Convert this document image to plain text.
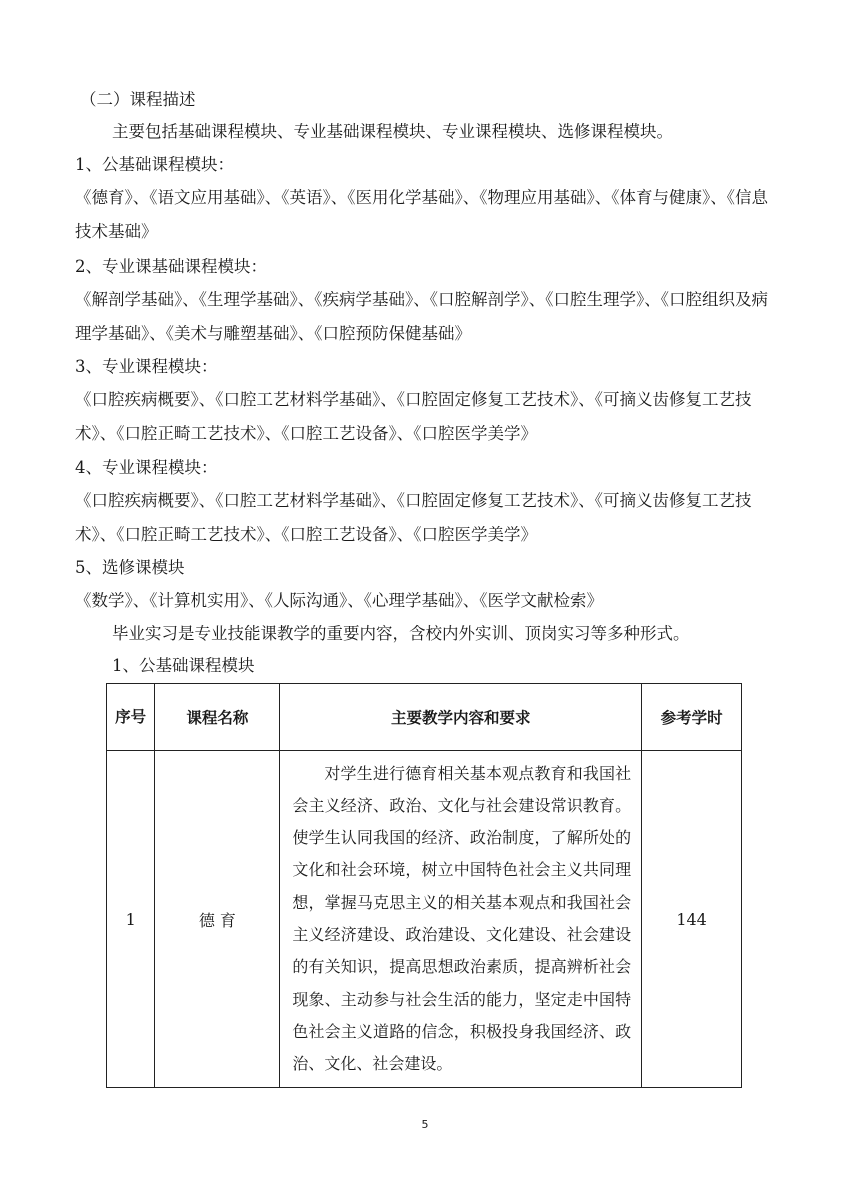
（二）课程描述
主要包括基础课程模块、专业基础课程模块、专业课程模块、选修课程模块。
1、公基础课程模块：
《德育》、《语文应用基础》、《英语》、《医用化学基础》、《物理应用基础》、《体育与健康》、《信息技术基础》
2、专业课基础课程模块：
《解剖学基础》、《生理学基础》、《疾病学基础》、《口腔解剖学》、《口腔生理学》、《口腔组织及病理学基础》、《美术与雕塑基础》、《口腔预防保健基础》
3、专业课程模块：
《口腔疾病概要》、《口腔工艺材料学基础》、《口腔固定修复工艺技术》、《可摘义齿修复工艺技术》、《口腔正畸工艺技术》、《口腔工艺设备》、《口腔医学美学》
4、专业课程模块：
《口腔疾病概要》、《口腔工艺材料学基础》、《口腔固定修复工艺技术》、《可摘义齿修复工艺技术》、《口腔正畸工艺技术》、《口腔工艺设备》、《口腔医学美学》
5、选修课模块
《数学》、《计算机实用》、《人际沟通》、《心理学基础》、《医学文献检索》
毕业实习是专业技能课教学的重要内容，含校内外实训、顶岗实习等多种形式。
1、公基础课程模块
序号	课程名称	主要教学内容和要求	参考学时
1	德 育	对学生进行德育相关基本观点教育和我国社会主义经济、政治、文化与社会建设常识教育。使学生认同我国的经济、政治制度，了解所处的文化和社会环境，树立中国特色社会主义共同理想，掌握马克思主义的相关基本观点和我国社会主义经济建设、政治建设、文化建设、社会建设的有关知识，提高思想政治素质，提高辨析社会现象、主动参与社会生活的能力，坚定走中国特色社会主义道路的信念，积极投身我国经济、政治、文化、社会建设。	144
5
